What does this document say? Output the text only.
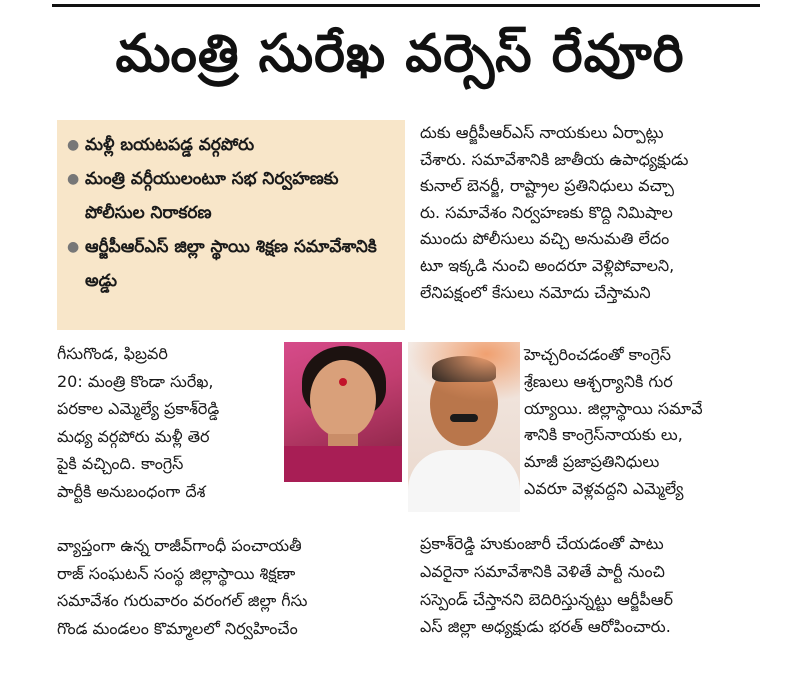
మంత్రి సురేఖ వర్సెస్ రేవూరి
● మళ్లీ బయటపడ్డ వర్గపోరు
● మంత్రి వర్గీయులంటూ సభ నిర్వహణకు పోలీసుల నిరాకరణ
● ఆర్జీపీఆర్ఎస్ జిల్లా స్థాయి శిక్షణ సమావేశానికి అడ్డు
దుకు ఆర్జీపీఆర్ఎస్ నాయకులు ఏర్పాట్లు
చేశారు. సమావేశానికి జాతీయ ఉపాధ్యక్షుడు
కునాల్ బెనర్జీ, రాష్ట్రాల ప్రతినిధులు వచ్చా
రు. సమావేశం నిర్వహణకు కొద్ది నిమిషాల
ముందు పోలీసులు వచ్చి అనుమతి లేదం
టూ ఇక్కడి నుంచి అందరూ వెళ్లిపోవాలని,
లేనిపక్షంలో కేసులు నమోదు చేస్తామని
గీసుగొండ, ఫిబ్రవరి
20: మంత్రి కొండా సురేఖ,
పరకాల ఎమ్మెల్యే ప్రకాశ్‌రెడ్డి
మధ్య వర్గపోరు మళ్లీ తెర
పైకి వచ్చింది. కాంగ్రెస్
పార్టీకి అనుబంధంగా దేశ
హెచ్చరించడంతో కాంగ్రెస్
శ్రేణులు ఆశ్చర్యానికి గుర
య్యాయి. జిల్లాస్థాయి సమావే
శానికి కాంగ్రెస్‌నాయకు లు,
మాజీ ప్రజాప్రతినిధులు
ఎవరూ వెళ్లవద్దని ఎమ్మెల్యే
వ్యాప్తంగా ఉన్న రాజీవ్‌గాంధీ పంచాయతీ
రాజ్ సంఘటన్ సంస్థ జిల్లాస్థాయి శిక్షణా
సమావేశం గురువారం వరంగల్ జిల్లా గీసు
గొండ మండలం కొమ్మాలలో నిర్వహించేం
ప్రకాశ్‌రెడ్డి హుకుంజారీ చేయడంతో పాటు
ఎవరైనా సమావేశానికి వెళితే పార్టీ నుంచి
సస్పెండ్ చేస్తానని బెదిరిస్తున్నట్టు ఆర్జీపీఆర్
ఎస్ జిల్లా అధ్యక్షుడు భరత్ ఆరోపించారు.
